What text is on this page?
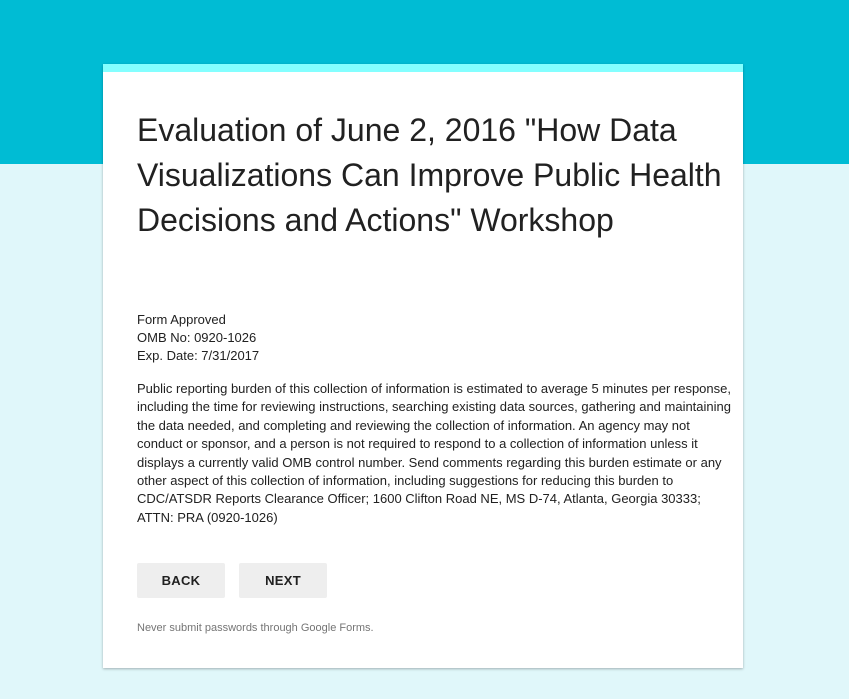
Evaluation of June 2, 2016 "How Data Visualizations Can Improve Public Health Decisions and Actions" Workshop
Form Approved
OMB No: 0920-1026
Exp. Date: 7/31/2017

Public reporting burden of this collection of information is estimated to average 5 minutes per response, including the time for reviewing instructions, searching existing data sources, gathering and maintaining the data needed, and completing and reviewing the collection of information. An agency may not conduct or sponsor, and a person is not required to respond to a collection of information unless it displays a currently valid OMB control number. Send comments regarding this burden estimate or any other aspect of this collection of information, including suggestions for reducing this burden to CDC/ATSDR Reports Clearance Officer; 1600 Clifton Road NE, MS D-74, Atlanta, Georgia 30333; ATTN: PRA (0920-1026)

BACK	NEXT
Never submit passwords through Google Forms.
